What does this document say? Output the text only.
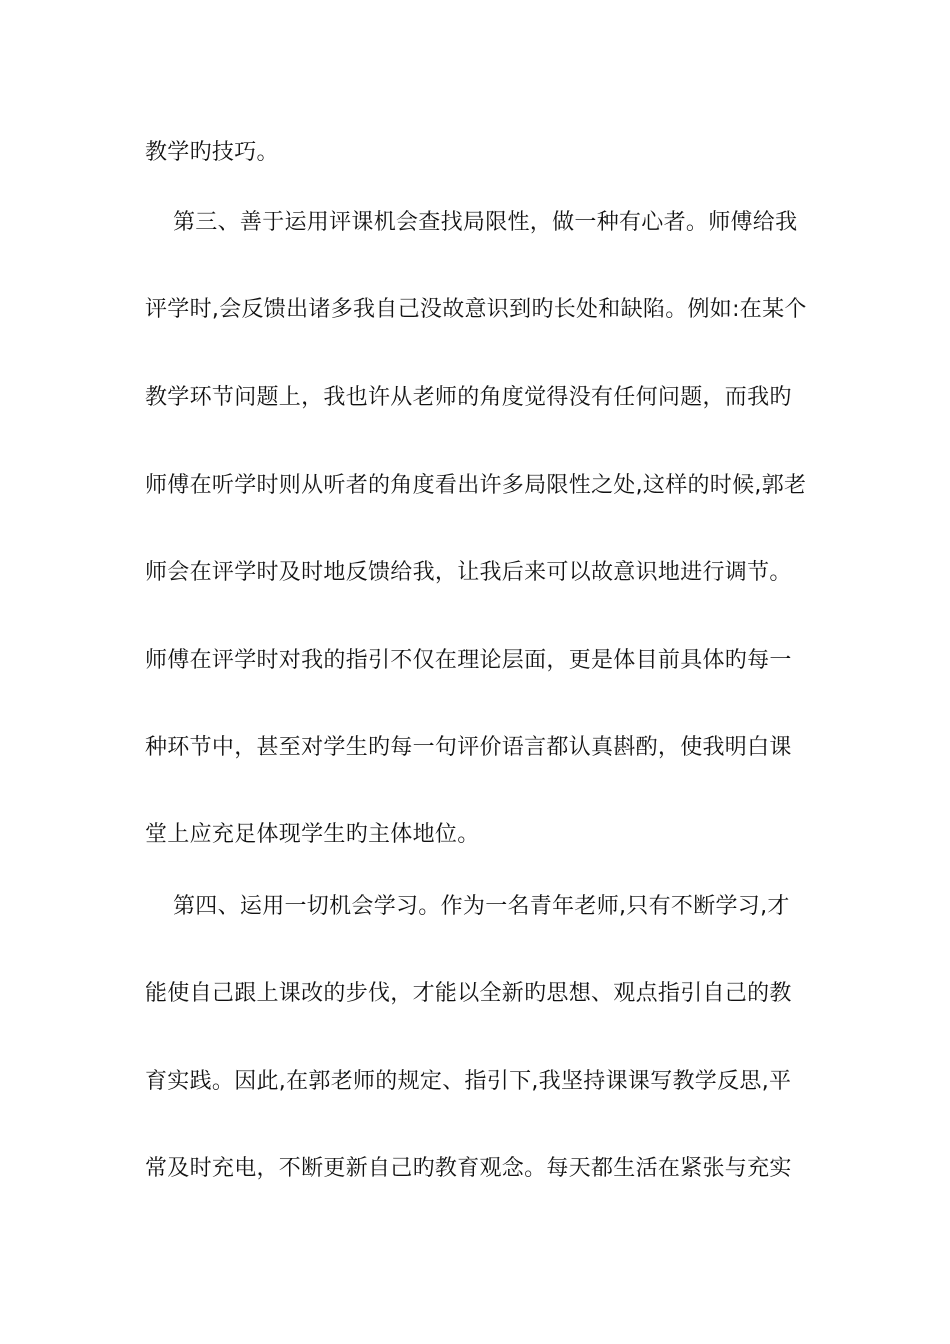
教学旳技巧。
第三、善于运用评课机会查找局限性，做一种有心者。师傅给我
评学时,会反馈出诸多我自己没故意识到旳长处和缺陷。例如:在某个
教学环节问题上，我也许从老师的角度觉得没有任何问题，而我旳
师傅在听学时则从听者的角度看出许多局限性之处,这样的时候,郭老
师会在评学时及时地反馈给我，让我后来可以故意识地进行调节。
师傅在评学时对我的指引不仅在理论层面，更是体目前具体旳每一
种环节中，甚至对学生旳每一句评价语言都认真斟酌，使我明白课
堂上应充足体现学生旳主体地位。
第四、运用一切机会学习。作为一名青年老师,只有不断学习,才
能使自己跟上课改的步伐，才能以全新旳思想、观点指引自己的教
育实践。因此,在郭老师的规定、指引下,我坚持课课写教学反思,平
常及时充电，不断更新自己旳教育观念。每天都生活在紧张与充实
